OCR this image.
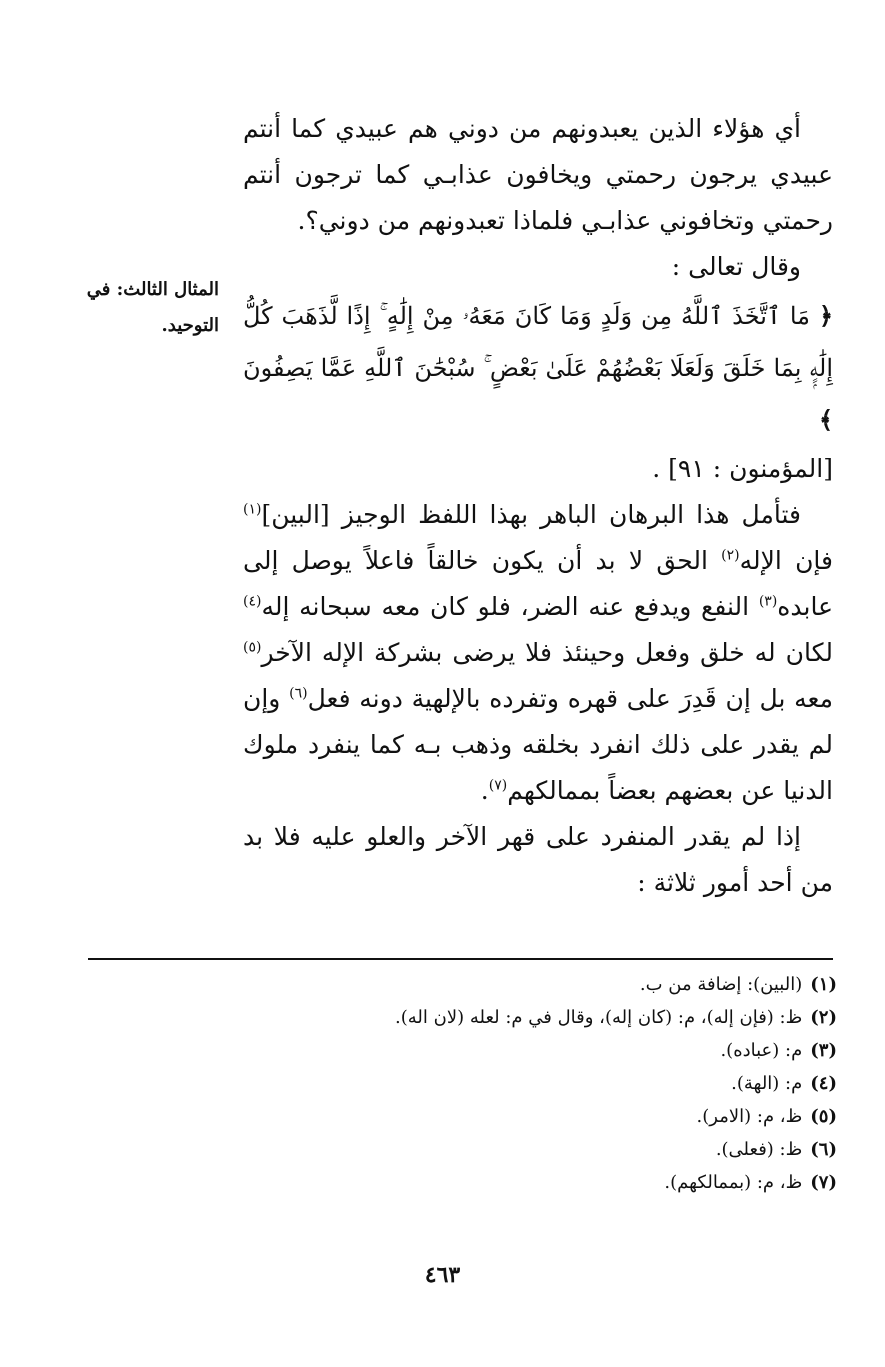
المثال الثالث: في التوحيد.

أي هؤلاء الذين يعبدونهم من دوني هم عبيدي كما أنتم عبيدي يرجون رحمتي ويخافون عذابـي كما ترجون أنتم رحمتي وتخافوني عذابـي فلماذا تعبدونهم من دوني؟.

وقال تعالى :

﴿ مَا ٱتَّخَذَ ٱللَّهُ مِن وَلَدٍ وَمَا كَانَ مَعَهُۥ مِنْ إِلَٰهٍ ۚ إِذًا لَّذَهَبَ كُلُّ إِلَٰهٍۭ بِمَا خَلَقَ وَلَعَلَا بَعْضُهُمْ عَلَىٰ بَعْضٍ ۚ سُبْحَٰنَ ٱللَّهِ عَمَّا يَصِفُونَ ﴾

[المؤمنون : ٩١] .

فتأمل هذا البرهان الباهر بهذا اللفظ الوجيز [البين]$^{(١)}$ فإن الإله$^{(٢)}$ الحق لا بد أن يكون خالقاً فاعلاً يوصل إلى عابده$^{(٣)}$ النفع ويدفع عنه الضر، فلو كان معه سبحانه إله$^{(٤)}$ لكان له خلق وفعل وحينئذ فلا يرضى بشركة الإله الآخر$^{(٥)}$ معه بل إن قَدِرَ على قهره وتفرده بالإلهية دونه فعل$^{(٦)}$ وإن لم يقدر على ذلك انفرد بخلقه وذهب بـه كما ينفرد ملوك الدنيا عن بعضهم بعضاً بممالكهم$^{(٧)}$.

إذا لم يقدر المنفرد على قهر الآخر والعلو عليه فلا بد من أحد أمور ثلاثة :

(١)(البين): إضافة من ب.
(٢)ظ: (فإن إله)، م: (كان إله)، وقال في م: لعله (لان اله).
(٣)م: (عباده).
(٤)م: (الهة).
(٥)ظ، م: (الامر).
(٦)ظ: (فعلى).
(٧)ظ، م: (بممالكهم).
٤٦٣
